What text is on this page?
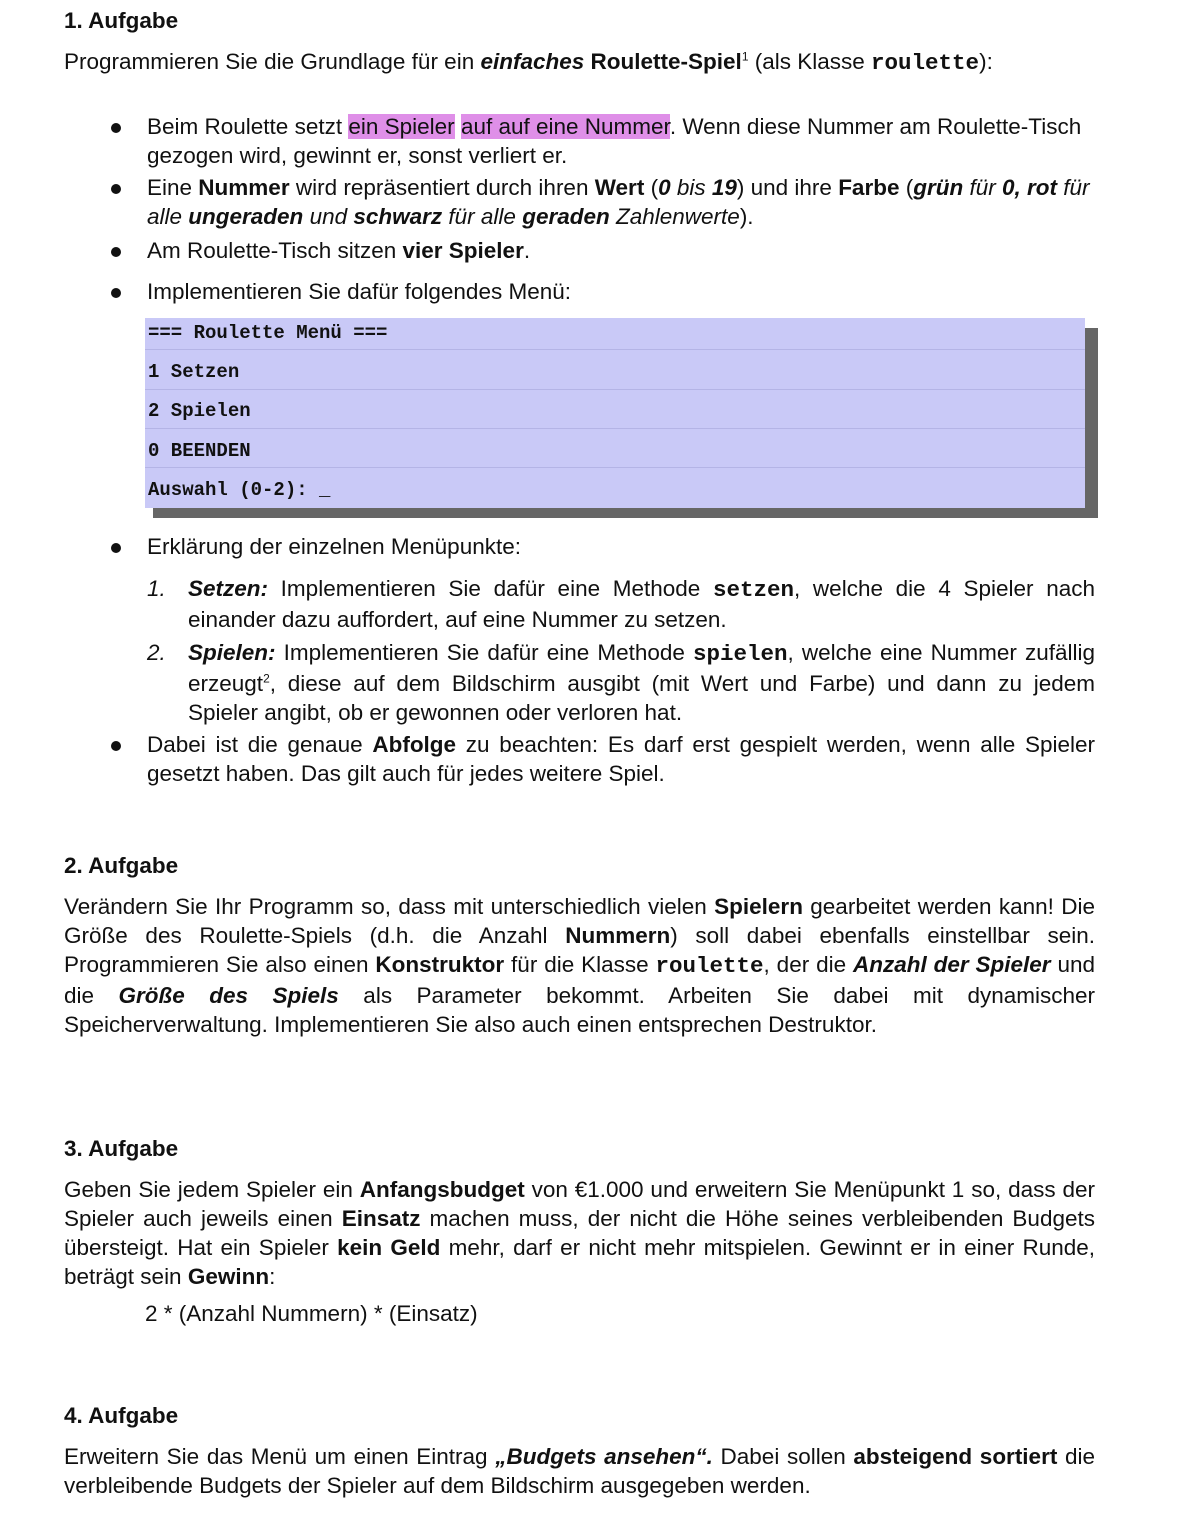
1. Aufgabe

Programmieren Sie die Grundlage für ein einfaches Roulette-Spiel$^1$ (als Klasse roulette):

Beim Roulette setzt ein Spieler auf auf eine Nummer. Wenn diese Nummer am Roulette-Tisch gezogen wird, gewinnt er, sonst verliert er.

Eine Nummer wird repräsentiert durch ihren Wert (0 bis 19) und ihre Farbe (grün für 0, rot für alle ungeraden und schwarz für alle geraden Zahlenwerte).

Am Roulette-Tisch sitzen vier Spieler.

Implementieren Sie dafür folgendes Menü:

=== Roulette Menü ===
1 Setzen
2 Spielen
0 BEENDEN
Auswahl (0-2): _

Erklärung der einzelnen Menüpunkte:

1. Setzen: Implementieren Sie dafür eine Methode setzen, welche die 4 Spieler nach einander dazu auffordert, auf eine Nummer zu setzen.

2. Spielen: Implementieren Sie dafür eine Methode spielen, welche eine Nummer zufällig erzeugt$^2$, diese auf dem Bildschirm ausgibt (mit Wert und Farbe) und dann zu jedem Spieler angibt, ob er gewonnen oder verloren hat.

Dabei ist die genaue Abfolge zu beachten: Es darf erst gespielt werden, wenn alle Spieler gesetzt haben. Das gilt auch für jedes weitere Spiel.

2. Aufgabe

Verändern Sie Ihr Programm so, dass mit unterschiedlich vielen Spielern gearbeitet werden kann! Die Größe des Roulette-Spiels (d.h. die Anzahl Nummern) soll dabei ebenfalls einstellbar sein. Programmieren Sie also einen Konstruktor für die Klasse roulette, der die Anzahl der Spieler und die Größe des Spiels als Parameter bekommt. Arbeiten Sie dabei mit dynamischer Speicherverwaltung. Implementieren Sie also auch einen entsprechen Destruktor.

3. Aufgabe

Geben Sie jedem Spieler ein Anfangsbudget von €1.000 und erweitern Sie Menüpunkt 1 so, dass der Spieler auch jeweils einen Einsatz machen muss, der nicht die Höhe seines verbleibenden Budgets übersteigt. Hat ein Spieler kein Geld mehr, darf er nicht mehr mitspielen. Gewinnt er in einer Runde, beträgt sein Gewinn:

2 * (Anzahl Nummern) * (Einsatz)

4. Aufgabe

Erweitern Sie das Menü um einen Eintrag „Budgets ansehen“. Dabei sollen absteigend sortiert die verbleibende Budgets der Spieler auf dem Bildschirm ausgegeben werden.
